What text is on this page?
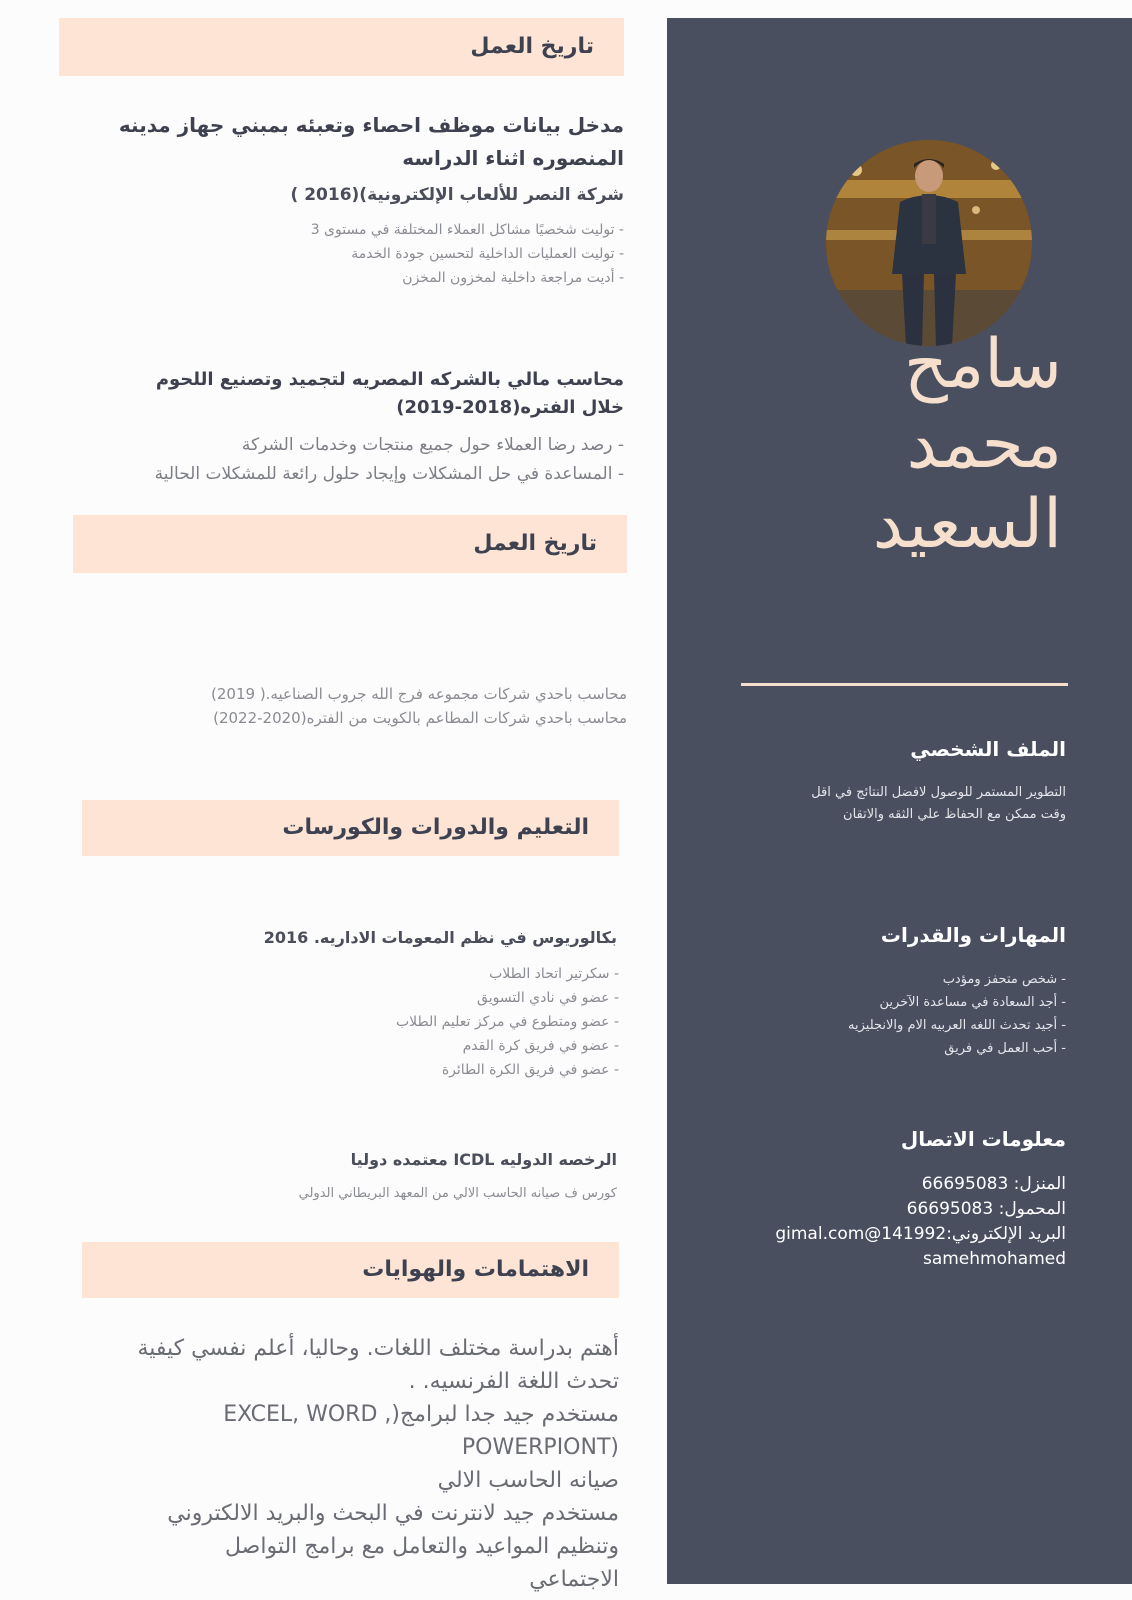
سامح
محمد
السعيد
الملف الشخصي
التطوير المستمر للوصول لافضل النتائج في اقل
وقت ممكن مع الحفاظ علي الثقه والاتقان
المهارات والقدرات
- شخص متحفز ومؤدب
- أجد السعادة في مساعدة الآخرين
- أجيد تحدث اللغه العربيه الام والانجليزيه
- أحب العمل في فريق
معلومات الاتصال
المنزل: 66695083
المحمول: 66695083
البريد الإلكتروني:gimal.com@141992
samehmohamed
تاريخ العمل
مدخل بيانات موظف احصاء وتعبئه بمبني جهاز مدينه
المنصوره اثناء الدراسه
شركة النصر للألعاب الإلكترونية)(2016 )
- توليت شخصيًا مشاكل العملاء المختلفة في مستوى 3
- توليت العمليات الداخلية لتحسين جودة الخدمة
- أديت مراجعة داخلية لمخزون المخزن
محاسب مالي بالشركه المصريه لتجميد وتصنيع اللحوم
خلال الفتره(2018-2019)
- رصد رضا العملاء حول جميع منتجات وخدمات الشركة
- المساعدة في حل المشكلات وإيجاد حلول رائعة للمشكلات الحالية
تاريخ العمل
محاسب باحدي شركات مجموعه فرج الله جروب الصناعيه.( 2019)
محاسب باحدي شركات المطاعم بالكويت من الفتره(2020-2022)
التعليم والدورات والكورسات
بكالوريوس في نظم المعومات الاداريه. 2016
- سكرتير اتحاد الطلاب
- عضو في نادي التسويق
- عضو ومتطوع في مركز تعليم الطلاب
- عضو في فريق كرة القدم
- عضو في فريق الكرة الطائرة
الرخصه الدوليه ICDL معتمده دوليا
كورس ف صيانه الحاسب الالي من المعهد البريطاني الدولي
الاهتمامات والهوايات
أهتم بدراسة مختلف اللغات. وحاليا، أعلم نفسي كيفية
تحدث اللغة الفرنسيه. .
مستخدم جيد جدا لبرامج(, EXCEL, WORD
(POWERPIONT
صيانه الحاسب الالي
مستخدم جيد لانترنت في البحث والبريد الالكتروني
وتنظيم المواعيد والتعامل مع برامج التواصل
الاجتماعي
